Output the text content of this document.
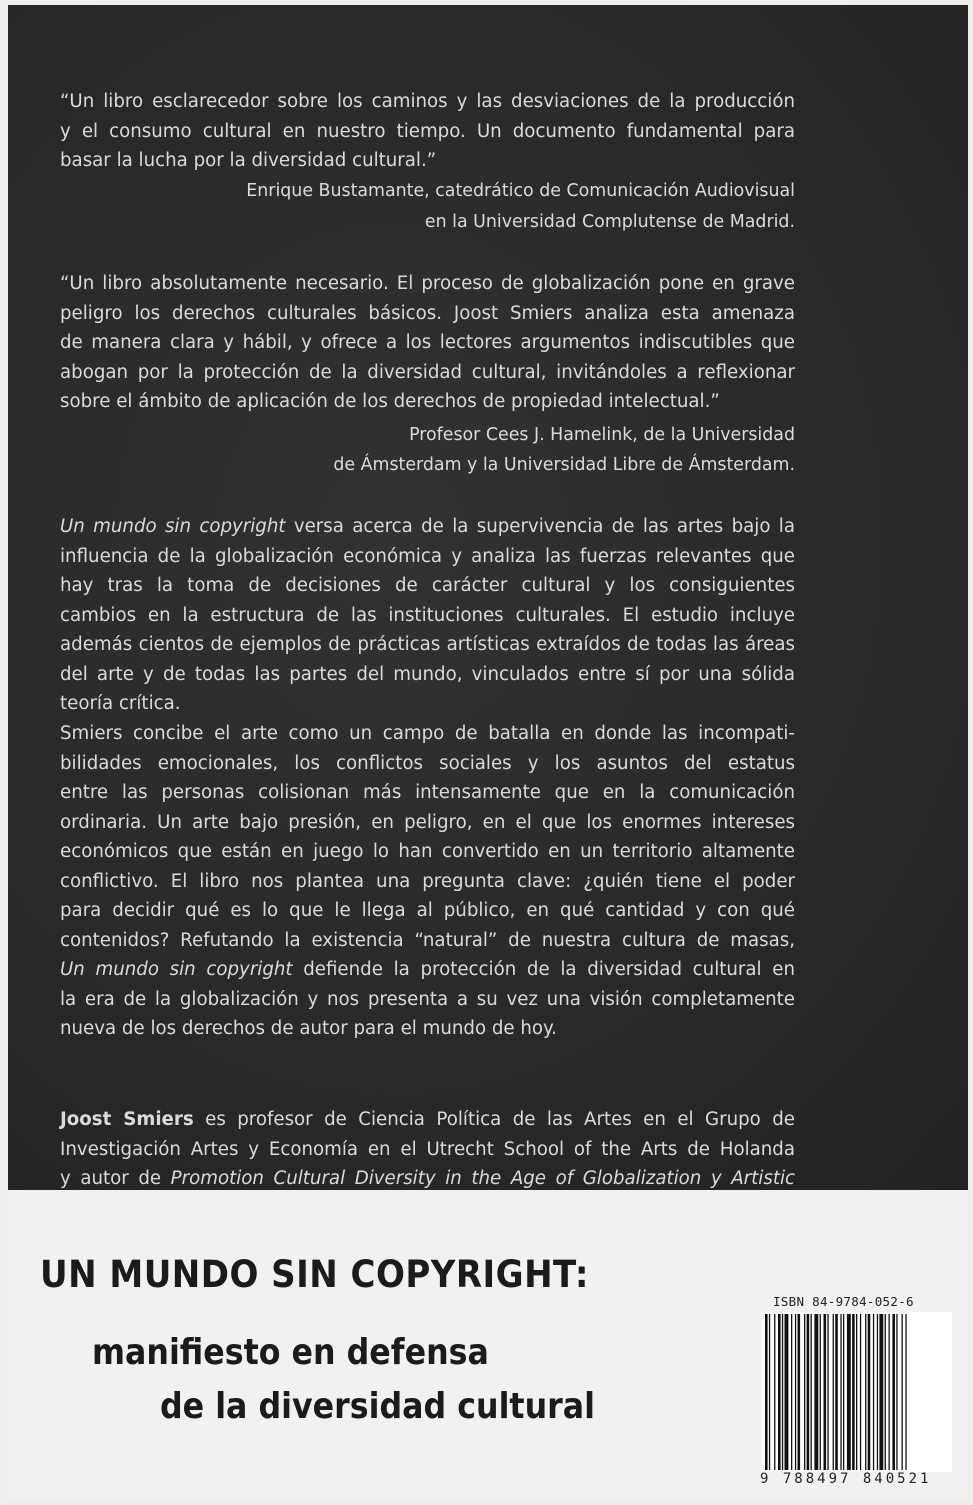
“Un libro esclarecedor sobre los caminos y las desviaciones de la producción
y el consumo cultural en nuestro tiempo. Un documento fundamental para
basar la lucha por la diversidad cultural.”
Enrique Bustamante, catedrático de Comunicación Audiovisual
en la Universidad Complutense de Madrid.
“Un libro absolutamente necesario. El proceso de globalización pone en grave
peligro los derechos culturales básicos. Joost Smiers analiza esta amenaza
de manera clara y hábil, y ofrece a los lectores argumentos indiscutibles que
abogan por la protección de la diversidad cultural, invitándoles a reflexionar
sobre el ámbito de aplicación de los derechos de propiedad intelectual.”
Profesor Cees J. Hamelink, de la Universidad
de Ámsterdam y la Universidad Libre de Ámsterdam.
Un mundo sin copyright versa acerca de la supervivencia de las artes bajo la
influencia de la globalización económica y analiza las fuerzas relevantes que
hay tras la toma de decisiones de carácter cultural y los consiguientes
cambios en la estructura de las instituciones culturales. El estudio incluye
además cientos de ejemplos de prácticas artísticas extraídos de todas las áreas
del arte y de todas las partes del mundo, vinculados entre sí por una sólida
teoría crítica.
Smiers concibe el arte como un campo de batalla en donde las incompati-
bilidades emocionales, los conflictos sociales y los asuntos del estatus
entre las personas colisionan más intensamente que en la comunicación
ordinaria. Un arte bajo presión, en peligro, en el que los enormes intereses
económicos que están en juego lo han convertido en un territorio altamente
conflictivo. El libro nos plantea una pregunta clave: ¿quién tiene el poder
para decidir qué es lo que le llega al público, en qué cantidad y con qué
contenidos? Refutando la existencia “natural” de nuestra cultura de masas,
Un mundo sin copyright defiende la protección de la diversidad cultural en
la era de la globalización y nos presenta a su vez una visión completamente
nueva de los derechos de autor para el mundo de hoy.
Joost Smiers es profesor de Ciencia Política de las Artes en el Grupo de
Investigación Artes y Economía en el Utrecht School of the Arts de Holanda
y autor de Promotion Cultural Diversity in the Age of Globalization y Artistic
UN MUNDO SIN COPYRIGHT:
manifiesto en defensa
de la diversidad cultural
ISBN 84-9784-052-6
9 788497 840521
